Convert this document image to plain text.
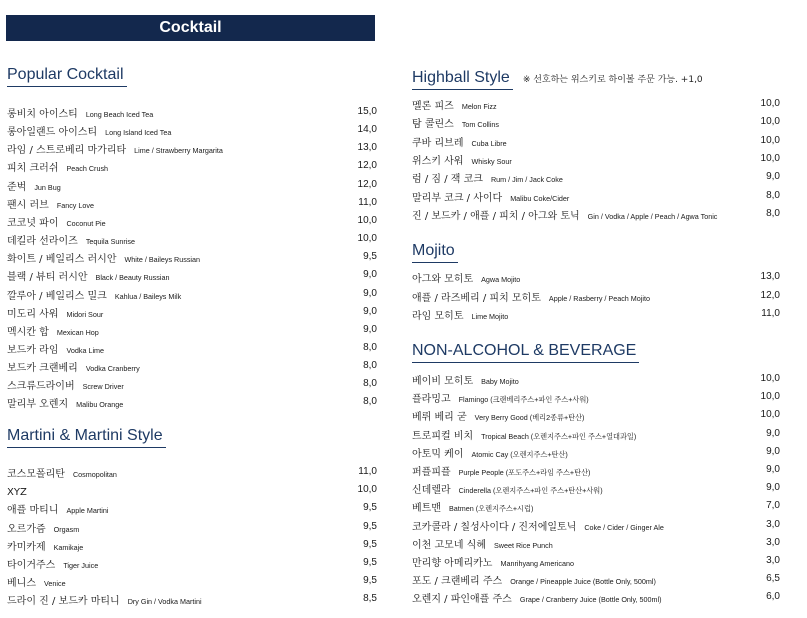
Cocktail
Popular Cocktail
롱비치 아이스티 Long Beach Iced Tea	15,0
롱아일랜드 아이스티 Long Island Iced Tea	14,0
라임 / 스트로베리 마가리타 Lime / Strawberry Margarita	13,0
피치 크러쉬 Peach Crush	12,0
준벅 Jun Bug	12,0
팬시 러브 Fancy Love	11,0
코코넛 파이 Coconut Pie	10,0
데킬라 선라이즈 Tequila Sunrise	10,0
화이트 / 베일리스 러시안 White / Baileys Russian	9,5
블랙 / 뷰티 러시안 Black / Beauty Russian	9,0
깔루아 / 베일리스 밀크 Kahlua / Baileys Milk	9,0
미도리 사워 Midori Sour	9,0
멕시칸 합 Mexican Hop	9,0
보드카 라임 Vodka Lime	8,0
보드카 크랜베리 Vodka Cranberry	8,0
스크류드라이버 Screw Driver	8,0
말리부 오렌지 Malibu Orange	8,0
Martini & Martini Style
코스모폴리탄 Cosmopolitan	11,0
XYZ	10,0
애플 마티니 Apple Martini	9,5
오르가즘 Orgasm	9,5
카미카제 Kamikaje	9,5
타이거주스 Tiger Juice	9,5
베니스 Venice	9,5
드라이 진 / 보드카 마티니 Dry Gin / Vodka Martini	8,5
Highball Style ※ 선호하는 위스키로 하이볼 주문 가능. +1,0
멜론 피즈 Melon Fizz	10,0
탐 콜린스 Tom Collins	10,0
쿠바 리브레 Cuba Libre	10,0
위스키 사워 Whisky Sour	10,0
럼 / 짐 / 잭 코크 Rum / Jim / Jack Coke	9,0
말리부 코크 / 사이다 Malibu Coke/Cider	8,0
진 / 보드카 / 애플 / 피치 / 아그와 토닉 Gin / Vodka / Apple / Peach / Agwa Tonic	8,0
Mojito
아그와 모히토 Agwa Mojito	13,0
애플 / 라즈베리 / 피치 모히토 Apple / Rasberry / Peach Mojito	12,0
라임 모히토 Lime Mojito	11,0
NON-ALCOHOL & BEVERAGE
베이비 모히토 Baby Mojito	10,0
플라밍고 Flamingo (크랜베리주스+파인 주스+사워)	10,0
베뤼 베리 굳 Very Berry Good (베리2종류+탄산)	10,0
트로피컬 비치 Tropical Beach (오렌지주스+파인 주스+열대과일)	9,0
아토믹 케이 Atomic Cay (오렌지주스+탄산)	9,0
퍼플피플 Purple People (포도주스+라임 주스+탄산)	9,0
신데렐라 Cinderella (오렌지주스+파인 주스+탄산+사워)	9,0
베트맨 Batmen (오렌지주스+시럽)	7,0
코카콜라 / 칠성사이다 / 진저에일토닉 Coke / Cider / Ginger Ale	3,0
이천 고모네 식혜 Sweet Rice Punch	3,0
만리향 아메리카노 Manrihyang Americano	3,0
포도 / 크랜베리 주스 Orange / Pineapple Juice (Bottle Only, 500ml)	6,5
오렌지 / 파인애플 주스 Grape / Cranberry Juice (Bottle Only, 500ml)	6,0
